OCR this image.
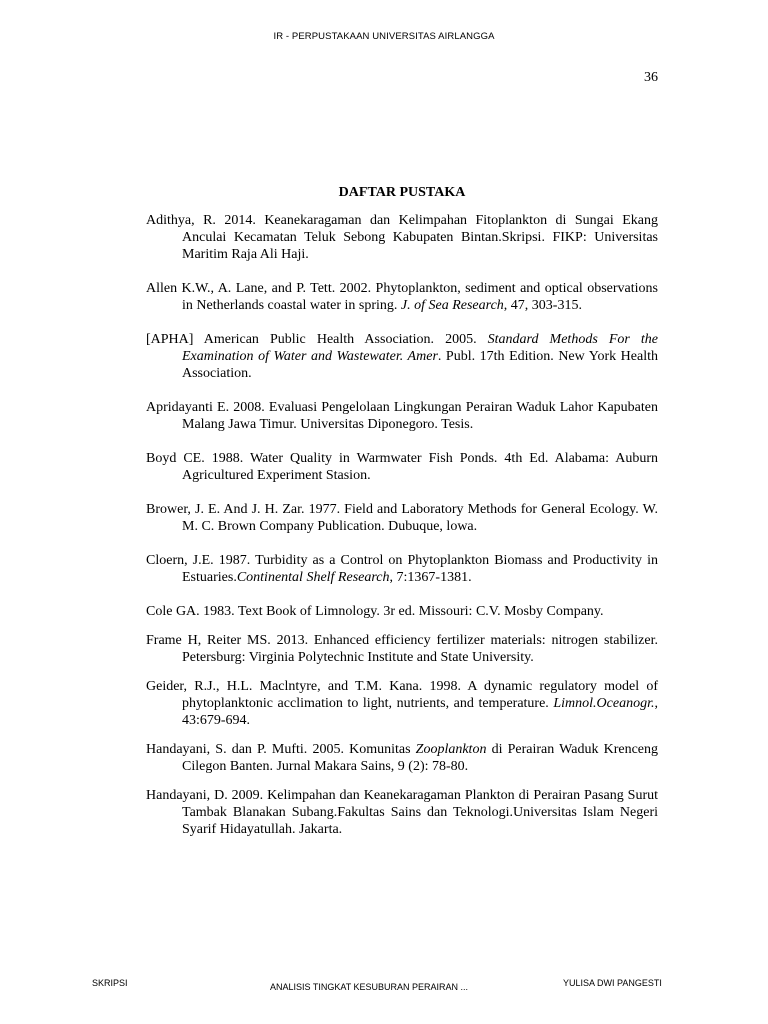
IR - PERPUSTAKAAN UNIVERSITAS AIRLANGGA
36
DAFTAR PUSTAKA

Adithya, R. 2014. Keanekaragaman dan Kelimpahan Fitoplankton di Sungai Ekang Anculai Kecamatan Teluk Sebong Kabupaten Bintan.Skripsi. FIKP: Universitas Maritim Raja Ali Haji.

Allen K.W., A. Lane, and P. Tett. 2002. Phytoplankton, sediment and optical observations in Netherlands coastal water in spring. J. of Sea Research, 47, 303-315.

[APHA] American Public Health Association. 2005. Standard Methods For the Examination of Water and Wastewater. Amer. Publ. 17th Edition. New York Health Association.

Apridayanti E. 2008. Evaluasi Pengelolaan Lingkungan Perairan Waduk Lahor Kapubaten Malang Jawa Timur. Universitas Diponegoro. Tesis.

Boyd CE. 1988. Water Quality in Warmwater Fish Ponds. 4th Ed. Alabama: Auburn Agricultured Experiment Stasion.

Brower, J. E. And J. H. Zar. 1977. Field and Laboratory Methods for General Ecology. W. M. C. Brown Company Publication. Dubuque, lowa.

Cloern, J.E. 1987. Turbidity as a Control on Phytoplankton Biomass and Productivity in Estuaries.Continental Shelf Research, 7:1367-1381.

Cole GA. 1983. Text Book of Limnology. 3r ed. Missouri: C.V. Mosby Company.

Frame H, Reiter MS. 2013. Enhanced efficiency fertilizer materials: nitrogen stabilizer. Petersburg: Virginia Polytechnic Institute and State University.

Geider, R.J., H.L. Maclntyre, and T.M. Kana. 1998. A dynamic regulatory model of phytoplanktonic acclimation to light, nutrients, and temperature. Limnol.Oceanogr., 43:679-694.

Handayani, S. dan P. Mufti. 2005. Komunitas Zooplankton di Perairan Waduk Krenceng Cilegon Banten. Jurnal Makara Sains, 9 (2): 78-80.

Handayani, D. 2009. Kelimpahan dan Keanekaragaman Plankton di Perairan Pasang Surut Tambak Blanakan Subang.Fakultas Sains dan Teknologi.Universitas Islam Negeri Syarif Hidayatullah. Jakarta.

SKRIPSI	ANALISIS TINGKAT KESUBURAN PERAIRAN ...	YULISA DWI PANGESTI
